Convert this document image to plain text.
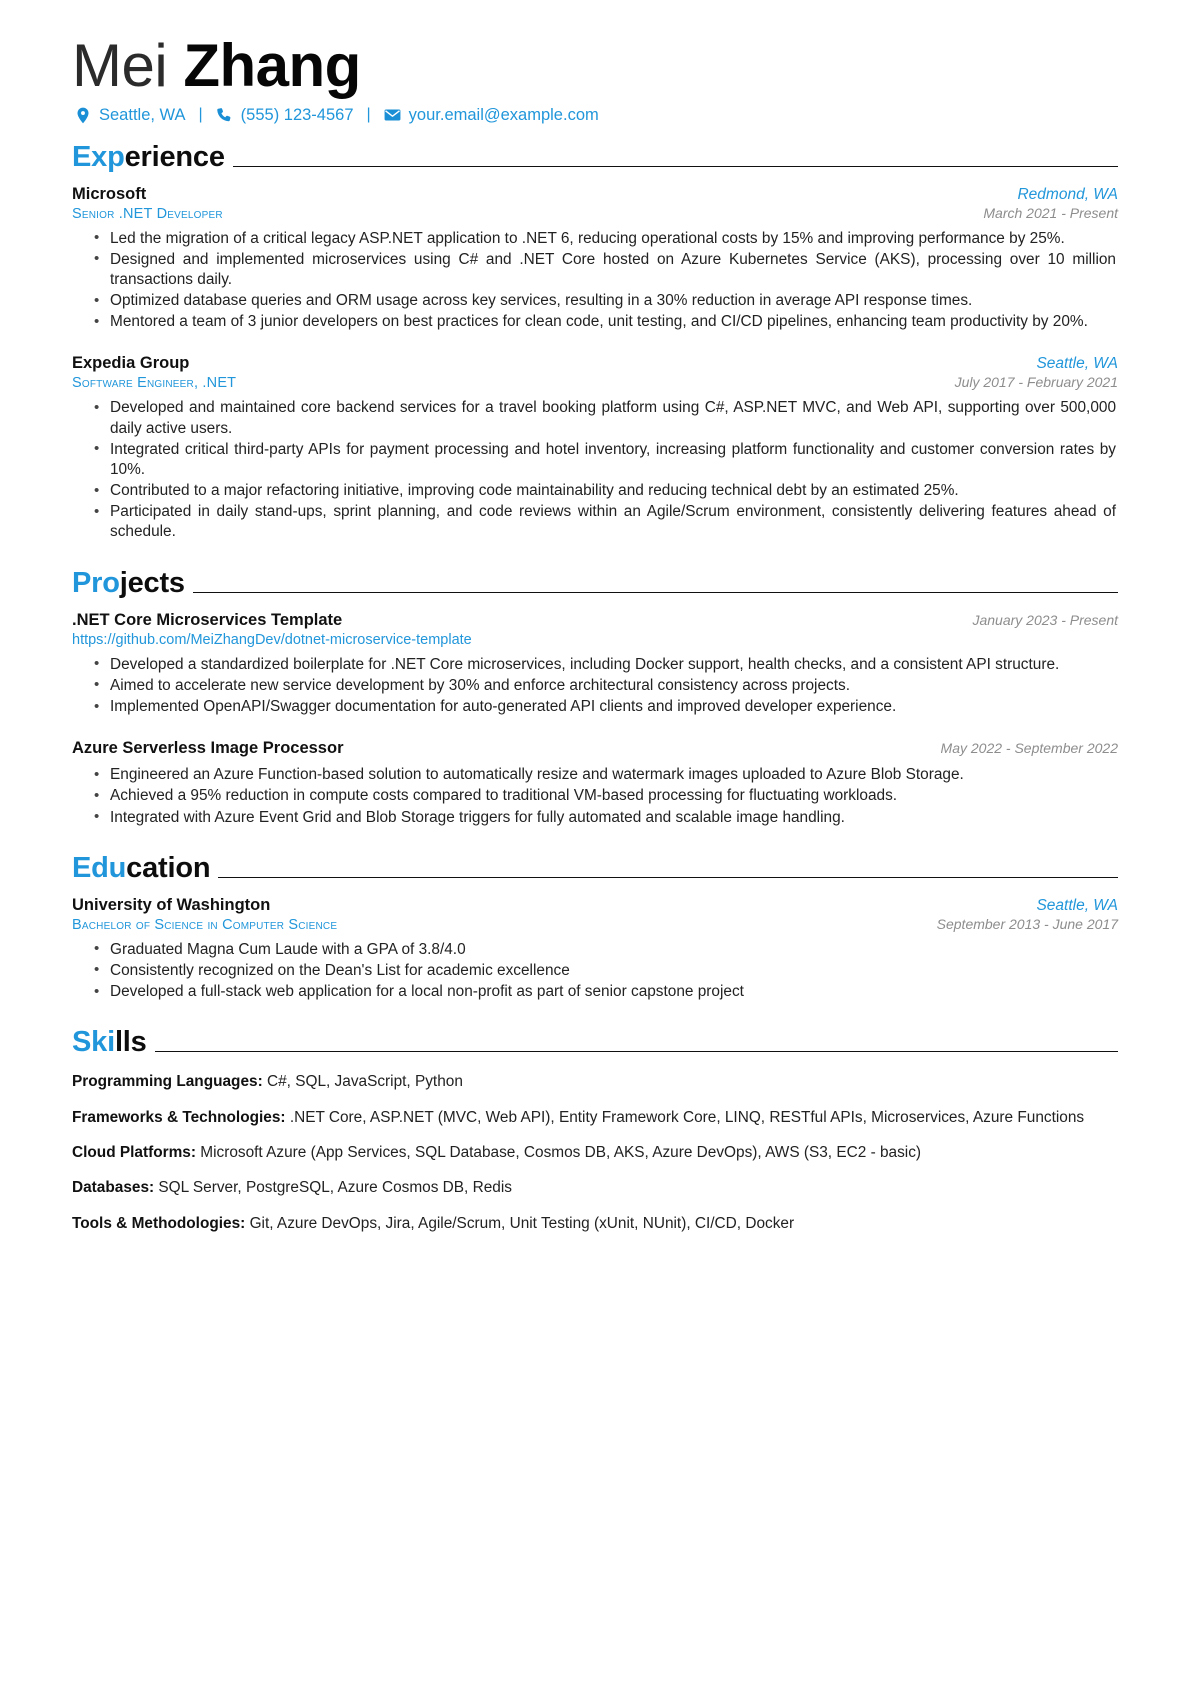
Mei Zhang
Seattle, WA | (555) 123-4567 | your.email@example.com
Experience
Microsoft	Redmond, WA
Senior .NET Developer	March 2021 - Present
• Led the migration of a critical legacy ASP.NET application to .NET 6, reducing operational costs by 15% and improving performance by 25%.
• Designed and implemented microservices using C# and .NET Core hosted on Azure Kubernetes Service (AKS), processing over 10 million transactions daily.
• Optimized database queries and ORM usage across key services, resulting in a 30% reduction in average API response times.
• Mentored a team of 3 junior developers on best practices for clean code, unit testing, and CI/CD pipelines, enhancing team productivity by 20%.
Expedia Group	Seattle, WA
Software Engineer, .NET	July 2017 - February 2021
• Developed and maintained core backend services for a travel booking platform using C#, ASP.NET MVC, and Web API, supporting over 500,000 daily active users.
• Integrated critical third-party APIs for payment processing and hotel inventory, increasing platform functionality and customer conversion rates by 10%.
• Contributed to a major refactoring initiative, improving code maintainability and reducing technical debt by an estimated 25%.
• Participated in daily stand-ups, sprint planning, and code reviews within an Agile/Scrum environment, consistently delivering features ahead of schedule.
Projects
.NET Core Microservices Template	January 2023 - Present
https://github.com/MeiZhangDev/dotnet-microservice-template
• Developed a standardized boilerplate for .NET Core microservices, including Docker support, health checks, and a consistent API structure.
• Aimed to accelerate new service development by 30% and enforce architectural consistency across projects.
• Implemented OpenAPI/Swagger documentation for auto-generated API clients and improved developer experience.
Azure Serverless Image Processor	May 2022 - September 2022
• Engineered an Azure Function-based solution to automatically resize and watermark images uploaded to Azure Blob Storage.
• Achieved a 95% reduction in compute costs compared to traditional VM-based processing for fluctuating workloads.
• Integrated with Azure Event Grid and Blob Storage triggers for fully automated and scalable image handling.
Education
University of Washington	Seattle, WA
Bachelor of Science in Computer Science	September 2013 - June 2017
• Graduated Magna Cum Laude with a GPA of 3.8/4.0
• Consistently recognized on the Dean's List for academic excellence
• Developed a full-stack web application for a local non-profit as part of senior capstone project
Skills
Programming Languages: C#, SQL, JavaScript, Python
Frameworks & Technologies: .NET Core, ASP.NET (MVC, Web API), Entity Framework Core, LINQ, RESTful APIs, Microservices, Azure Functions
Cloud Platforms: Microsoft Azure (App Services, SQL Database, Cosmos DB, AKS, Azure DevOps), AWS (S3, EC2 - basic)
Databases: SQL Server, PostgreSQL, Azure Cosmos DB, Redis
Tools & Methodologies: Git, Azure DevOps, Jira, Agile/Scrum, Unit Testing (xUnit, NUnit), CI/CD, Docker
